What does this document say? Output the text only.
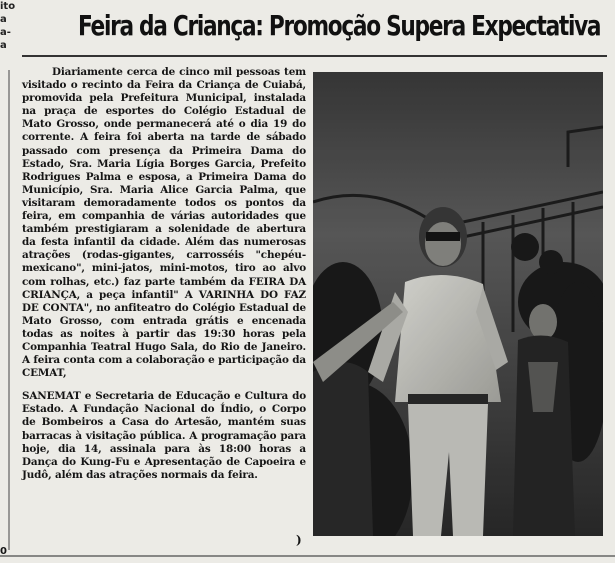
ito
a
a-
a
Feira da Criança: Promoção Supera Expectativa

Diariamente cerca de cinco mil pessoas tem visitado o recinto da Feira da Criança de Cuiabá, promovida pela Prefeitura Municipal, instalada na praça de esportes do Colégio Estadual de Mato Grosso, onde permanecerá até o dia 19 do corrente. A feira foi aberta na tarde de sábado passado com presença da Primeira Dama do Estado, Sra. Maria Lígia Borges Garcia, Prefeito Rodrigues Palma e esposa, a Primeira Dama do Município, Sra. Maria Alice Garcia Palma, que visitaram demoradamente todos os pontos da feira, em companhia de várias autoridades que também prestigiaram a solenidade de abertura da festa infantil da cidade. Além das numerosas atrações (rodas-gigantes, carrosséis "chepéu-mexicano", mini-jatos, mini-motos, tiro ao alvo com rolhas, etc.) faz parte também da FEIRA DA CRIANÇA, a peça infantil" A VARINHA DO FAZ DE CONTA", no anfiteatro do Colégio Estadual de Mato Grosso, com entrada grátis e encenada todas as noites à partir das 19:30 horas pela Companhia Teatral Hugo Sala, do Rio de Janeiro. A feira conta com a colaboração e participação da CEMAT,

SANEMAT e Secretaria de Educação e Cultura do Estado. A Fundação Nacional do Índio, o Corpo de Bombeiros a Casa do Artesão, mantém suas barracas à visitação pública. A programação para hoje, dia 14, assinala para às 18:00 horas a Dança do Kung-Fu e Apresentação de Capoeira e Judô, além das atrações normais da feira.

)
0
